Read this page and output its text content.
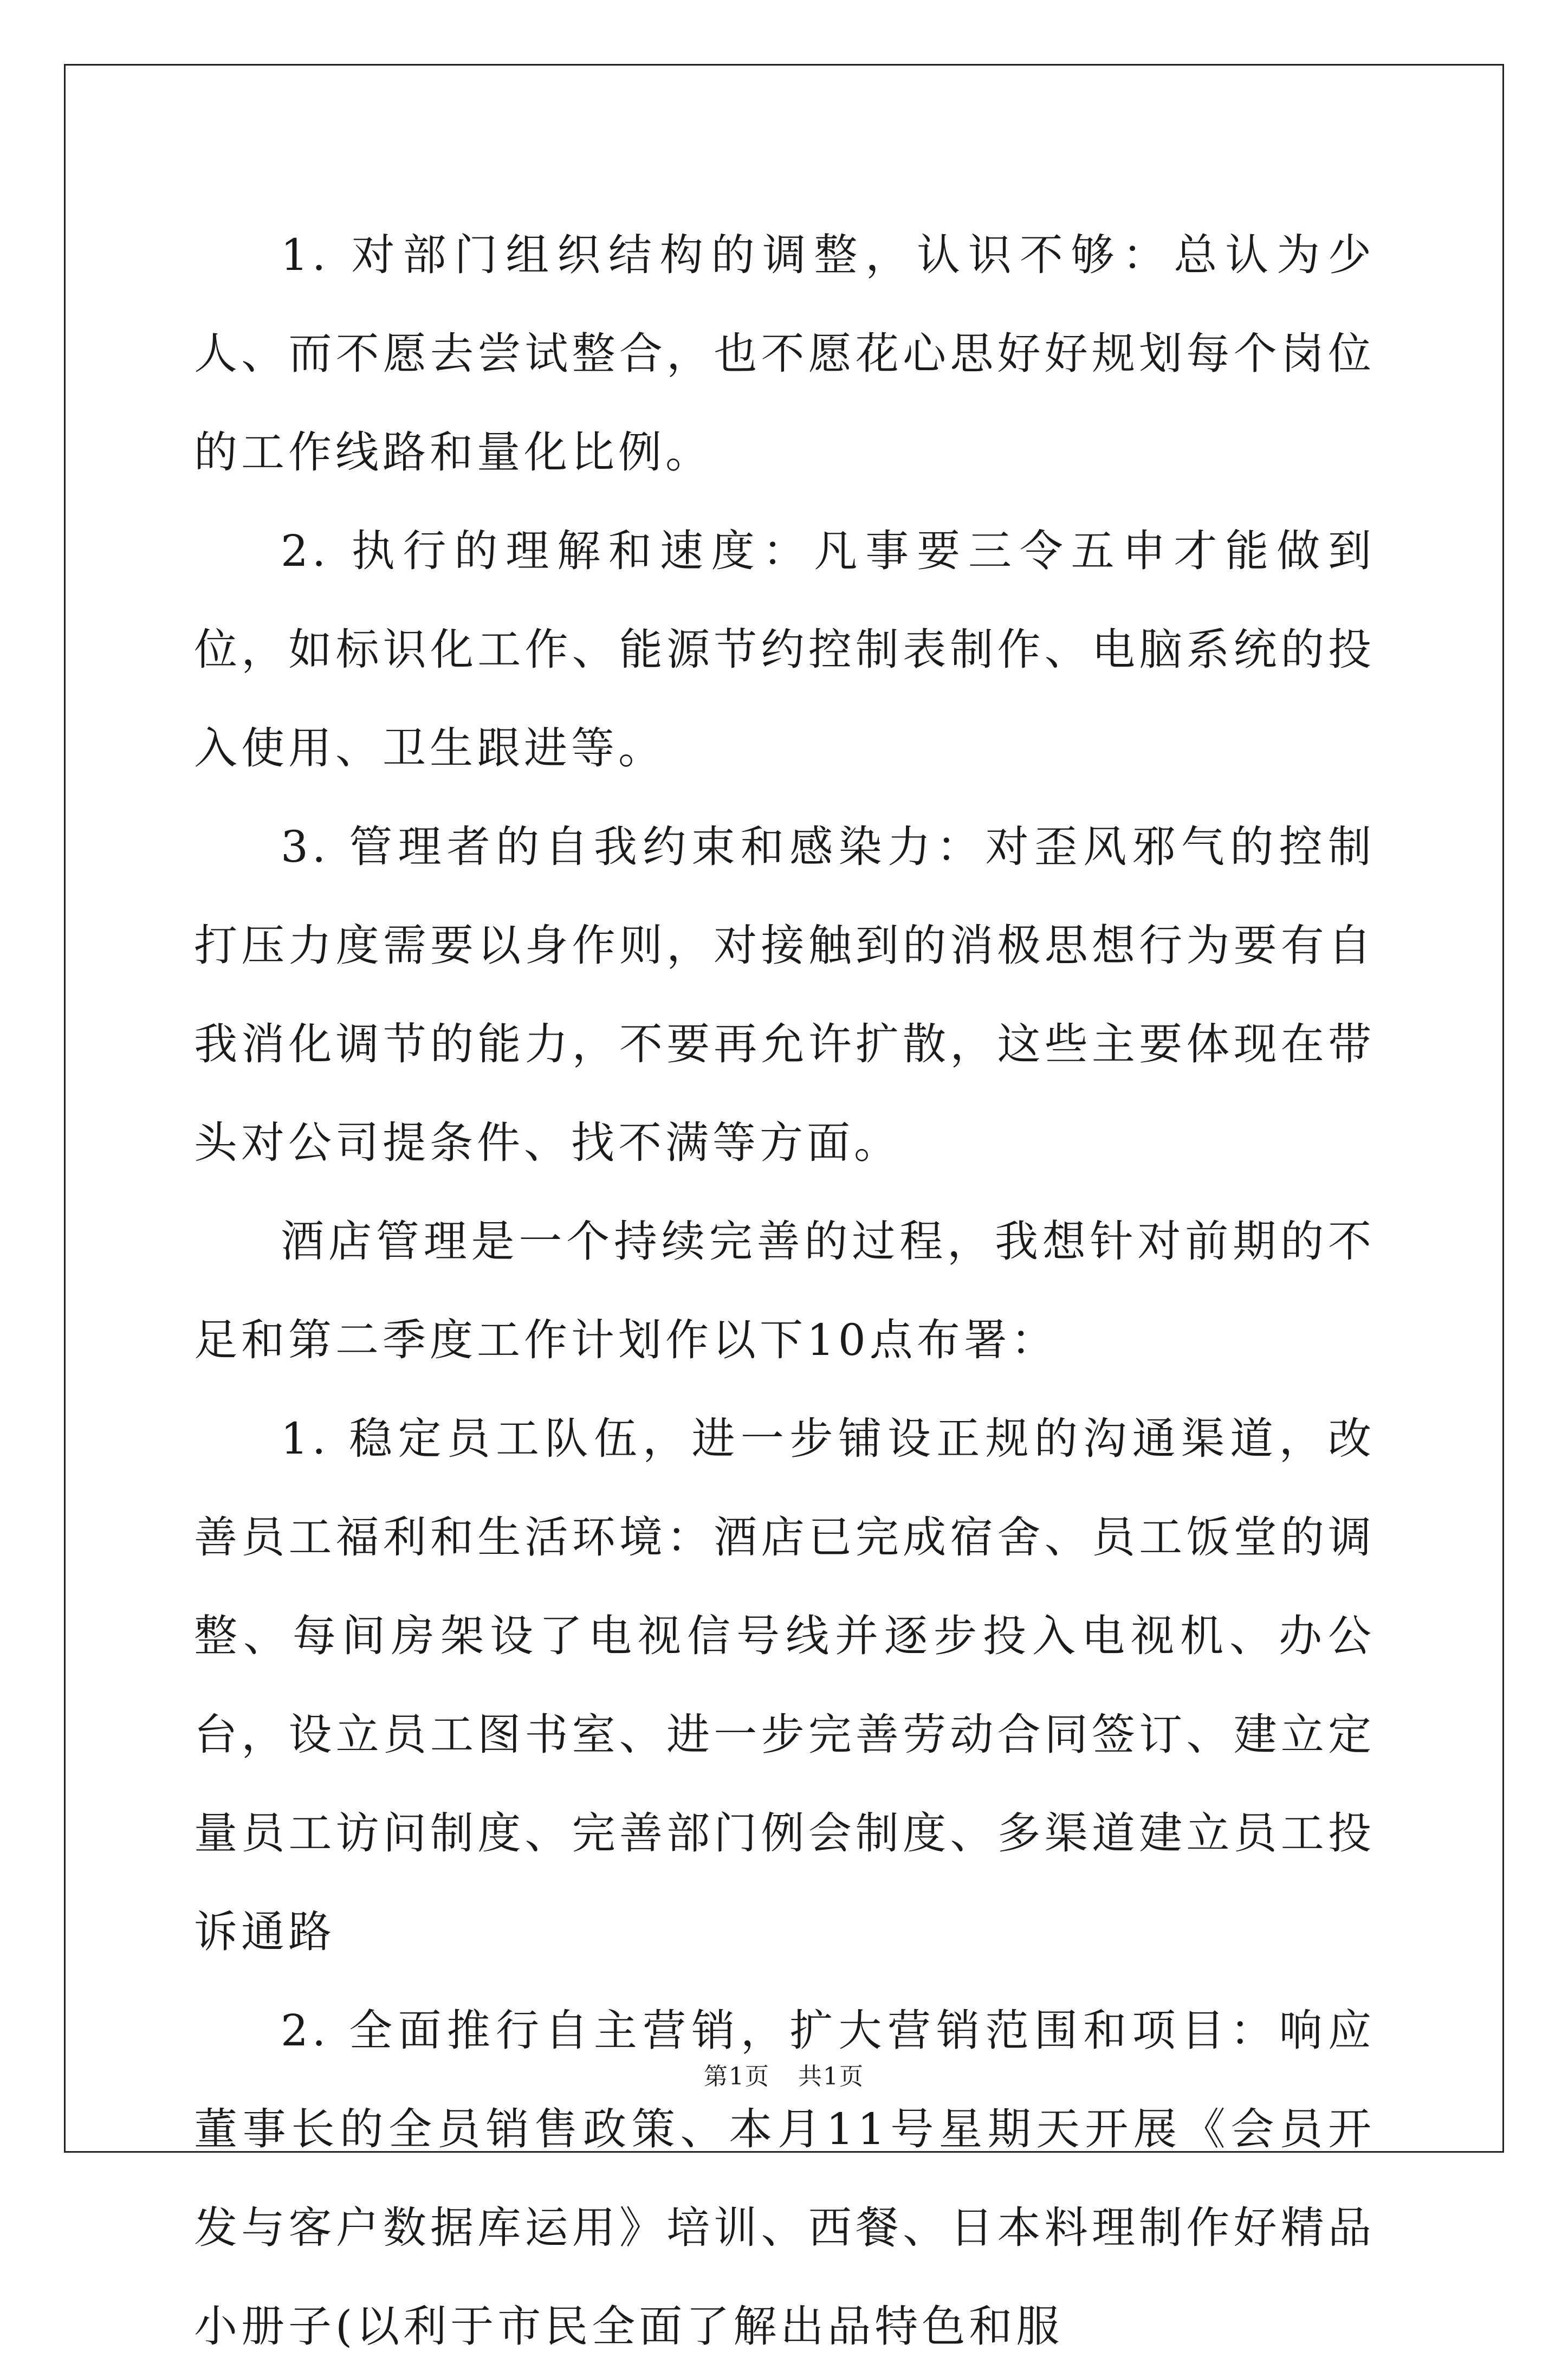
1. 对部门组织结构的调整，认识不够：总认为少人、而不愿去尝试整合，也不愿花心思好好规划每个岗位的工作线路和量化比例。

2. 执行的理解和速度：凡事要三令五申才能做到位，如标识化工作、能源节约控制表制作、电脑系统的投入使用、卫生跟进等。

3. 管理者的自我约束和感染力：对歪风邪气的控制打压力度需要以身作则，对接触到的消极思想行为要有自我消化调节的能力，不要再允许扩散，这些主要体现在带头对公司提条件、找不满等方面。

酒店管理是一个持续完善的过程，我想针对前期的不足和第二季度工作计划作以下10点布署：

1. 稳定员工队伍，进一步铺设正规的沟通渠道，改善员工福利和生活环境：酒店已完成宿舍、员工饭堂的调整、每间房架设了电视信号线并逐步投入电视机、办公台，设立员工图书室、进一步完善劳动合同签订、建立定量员工访问制度、完善部门例会制度、多渠道建立员工投诉通路

2. 全面推行自主营销，扩大营销范围和项目：响应董事长的全员销售政策、本月11号星期天开展《会员开发与客户数据库运用》培训、西餐、日本料理制作好精品小册子(以利于市民全面了解出品特色和服

第1页 共1页
